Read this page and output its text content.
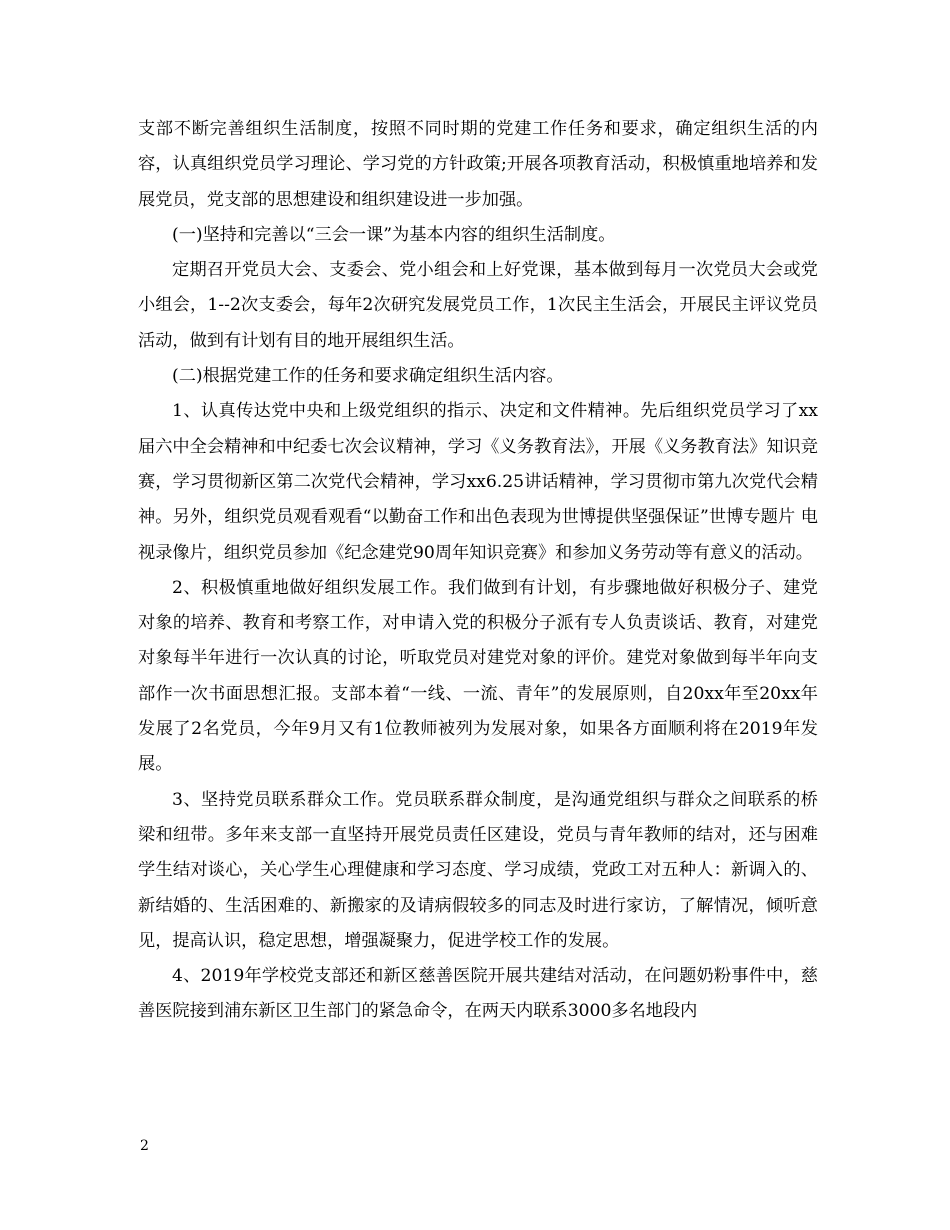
支部不断完善组织生活制度，按照不同时期的党建工作任务和要求，确定组织生活的内容，认真组织党员学习理论、学习党的方针政策;开展各项教育活动，积极慎重地培养和发展党员，党支部的思想建设和组织建设进一步加强。

(一)坚持和完善以“三会一课”为基本内容的组织生活制度。

定期召开党员大会、支委会、党小组会和上好党课，基本做到每月一次党员大会或党小组会，1--2次支委会，每年2次研究发展党员工作，1次民主生活会，开展民主评议党员活动，做到有计划有目的地开展组织生活。

(二)根据党建工作的任务和要求确定组织生活内容。

1、认真传达党中央和上级党组织的指示、决定和文件精神。先后组织党员学习了xx届六中全会精神和中纪委七次会议精神，学习《义务教育法》，开展《义务教育法》知识竞赛，学习贯彻新区第二次党代会精神，学习xx6.25讲话精神，学习贯彻市第九次党代会精神。另外，组织党员观看观看“以勤奋工作和出色表现为世博提供坚强保证”世博专题片 电视录像片，组织党员参加《纪念建党90周年知识竞赛》和参加义务劳动等有意义的活动。

2、积极慎重地做好组织发展工作。我们做到有计划，有步骤地做好积极分子、建党对象的培养、教育和考察工作，对申请入党的积极分子派有专人负责谈话、教育，对建党对象每半年进行一次认真的讨论，听取党员对建党对象的评价。建党对象做到每半年向支部作一次书面思想汇报。支部本着“一线、一流、青年”的发展原则，自20xx年至20xx年发展了2名党员，今年9月又有1位教师被列为发展对象，如果各方面顺利将在2019年发展。

3、坚持党员联系群众工作。党员联系群众制度，是沟通党组织与群众之间联系的桥梁和纽带。多年来支部一直坚持开展党员责任区建设，党员与青年教师的结对，还与困难学生结对谈心，关心学生心理健康和学习态度、学习成绩，党政工对五种人：新调入的、新结婚的、生活困难的、新搬家的及请病假较多的同志及时进行家访，了解情况，倾听意见，提高认识，稳定思想，增强凝聚力，促进学校工作的发展。

4、2019年学校党支部还和新区慈善医院开展共建结对活动，在问题奶粉事件中，慈善医院接到浦东新区卫生部门的紧急命令，在两天内联系3000多名地段内

2
